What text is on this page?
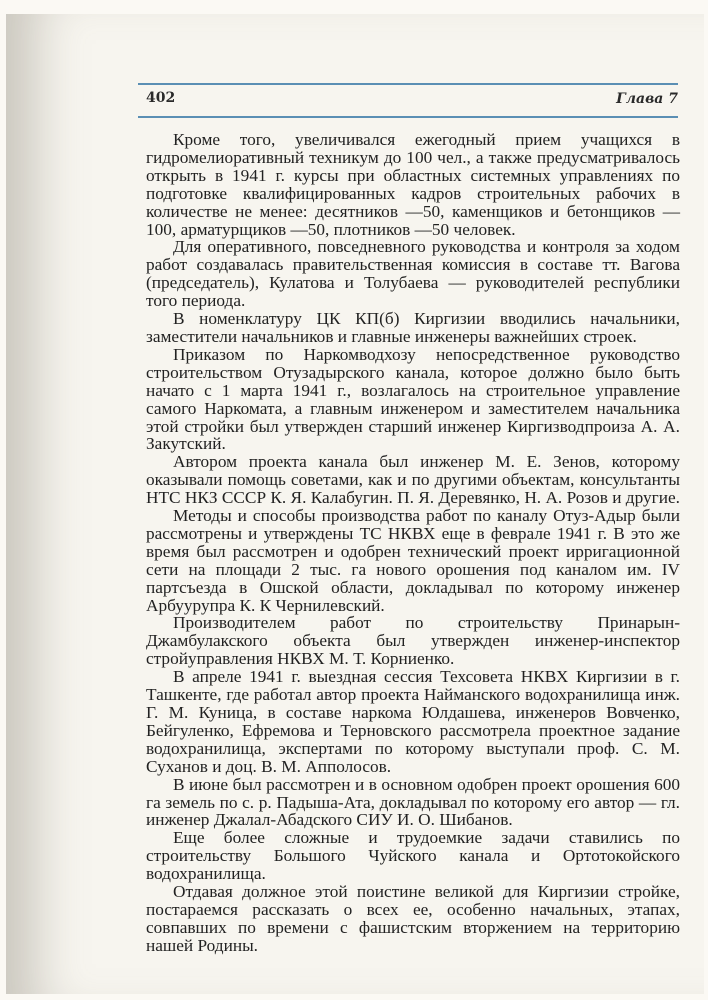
402	Глава 7

Кроме того, увеличивался ежегодный прием учащихся в гидромелиоративный техникум до 100 чел., а также предусматривалось открыть в 1941 г. курсы при областных системных управлениях по подготовке квалифицированных кадров строительных рабочих в количестве не менее: десятников —50, каменщиков и бетонщиков — 100, арматурщиков —50, плотников —50 человек.

Для оперативного, повседневного руководства и контроля за ходом работ создавалась правительственная комиссия в составе тт. Вагова (председатель), Кулатова и Толубаева — руководителей республики того периода.

В номенклатуру ЦК КП(б) Киргизии вводились начальники, заместители начальников и главные инженеры важнейших строек.

Приказом по Наркомводхозу непосредственное руководство строительством Отузадырского канала, которое должно было быть начато с 1 марта 1941 г., возлагалось на строительное управление самого Наркомата, а главным инженером и заместителем начальника этой стройки был утвержден старший инженер Киргизводпроиза А. А. Закутский.

Автором проекта канала был инженер М. Е. Зенов, которому оказывали помощь советами, как и по другими объектам, консультанты НТС НКЗ СССР К. Я. Калабугин. П. Я. Деревянко, Н. А. Розов и другие.

Методы и способы производства работ по каналу Отуз-Адыр были рассмотрены и утверждены ТС НКВХ еще в феврале 1941 г. В это же время был рассмотрен и одобрен технический проект ирригационной сети на площади 2 тыс. га нового орошения под каналом им. IV партсъезда в Ошской области, докладывал по которому инженер Арбуурупра К. К Чернилевский.

Производителем работ по строительству Принарын-Джамбулакского объекта был утвержден инженер-инспектор стройуправления НКВХ М. Т. Корниенко.

В апреле 1941 г. выездная сессия Техсовета НКВХ Киргизии в г. Ташкенте, где работал автор проекта Найманского водохранилища инж. Г. М. Куница, в составе наркома Юлдашева, инженеров Вовченко, Бейгуленко, Ефремова и Терновского рассмотрела проектное задание водохранилища, экспертами по которому выступали проф. С. М. Суханов и доц. В. М. Апполосов.

В июне был рассмотрен и в основном одобрен проект орошения 600 га земель по с. р. Падыша-Ата, докладывал по которому его автор — гл. инженер Джалал-Абадского СИУ И. О. Шибанов.

Еще более сложные и трудоемкие задачи ставились по строительству Большого Чуйского канала и Ортотокойского водохранилища.

Отдавая должное этой поистине великой для Киргизии стройке, постараемся рассказать о всех ее, особенно начальных, этапах, совпавших по времени с фашистским вторжением на территорию нашей Родины.
